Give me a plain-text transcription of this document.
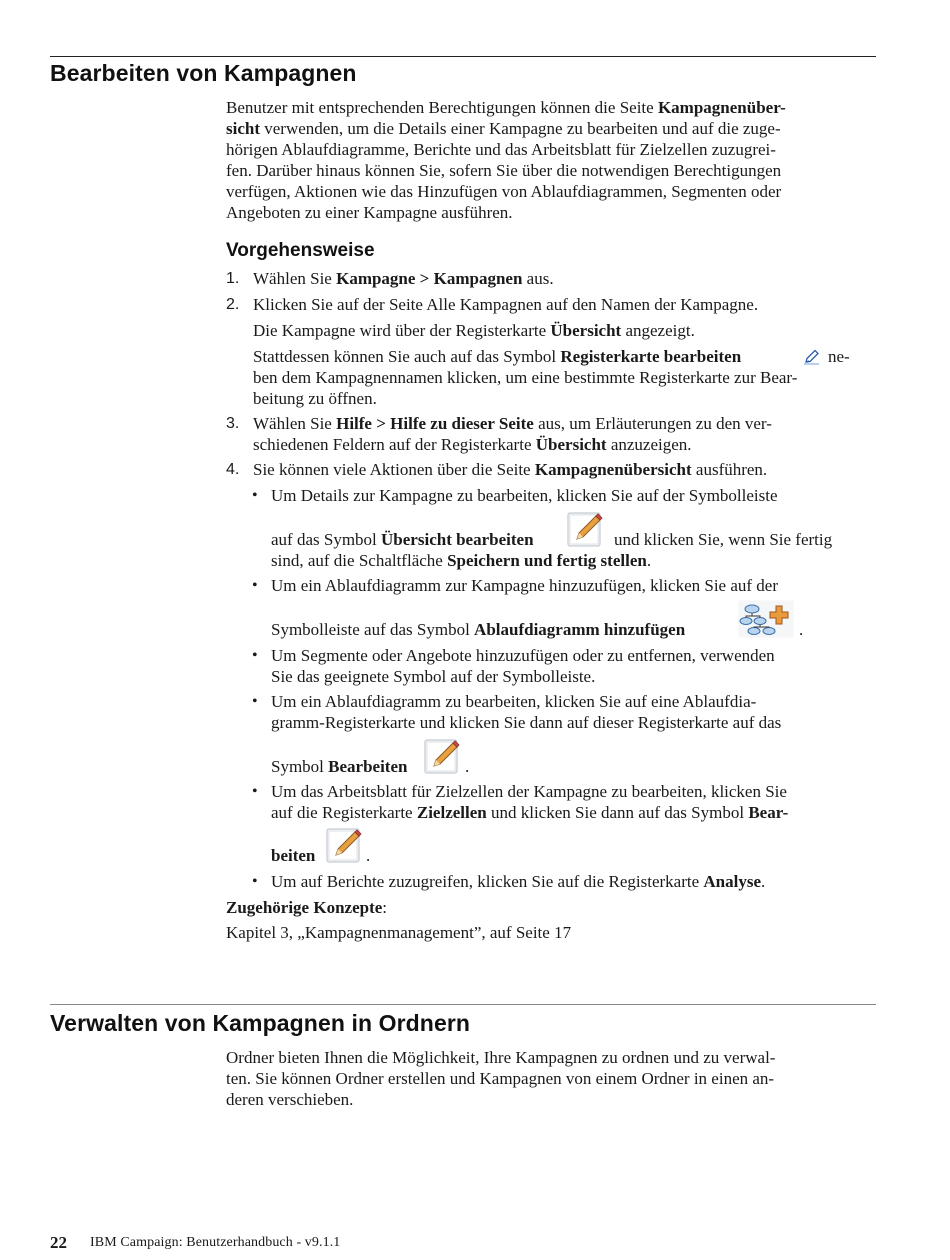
Bearbeiten von Kampagnen

Benutzer mit entsprechenden Berechtigungen können die Seite Kampagnenüber-

sicht verwenden, um die Details einer Kampagne zu bearbeiten und auf die zuge-

hörigen Ablaufdiagramme, Berichte und das Arbeitsblatt für Zielzellen zuzugrei-

fen. Darüber hinaus können Sie, sofern Sie über die notwendigen Berechtigungen

verfügen, Aktionen wie das Hinzufügen von Ablaufdiagrammen, Segmenten oder

Angeboten zu einer Kampagne ausführen.

Vorgehensweise

1. Wählen Sie Kampagne > Kampagnen aus.

2. Klicken Sie auf der Seite Alle Kampagnen auf den Namen der Kampagne.

Die Kampagne wird über der Registerkarte Übersicht angezeigt.

Stattdessen können Sie auch auf das Symbol Registerkarte bearbeiten	ne-

ben dem Kampagnennamen klicken, um eine bestimmte Registerkarte zur Bear-

beitung zu öffnen.

3. Wählen Sie Hilfe > Hilfe zu dieser Seite aus, um Erläuterungen zu den ver-

schiedenen Feldern auf der Registerkarte Übersicht anzuzeigen.

4. Sie können viele Aktionen über die Seite Kampagnenübersicht ausführen.

• Um Details zur Kampagne zu bearbeiten, klicken Sie auf der Symbolleiste

auf das Symbol Übersicht bearbeiten	und klicken Sie, wenn Sie fertig

sind, auf die Schaltfläche Speichern und fertig stellen.

• Um ein Ablaufdiagramm zur Kampagne hinzuzufügen, klicken Sie auf der

Symbolleiste auf das Symbol Ablaufdiagramm hinzufügen	.

• Um Segmente oder Angebote hinzuzufügen oder zu entfernen, verwenden

Sie das geeignete Symbol auf der Symbolleiste.

• Um ein Ablaufdiagramm zu bearbeiten, klicken Sie auf eine Ablaufdia-

gramm-Registerkarte und klicken Sie dann auf dieser Registerkarte auf das

Symbol Bearbeiten	.

• Um das Arbeitsblatt für Zielzellen der Kampagne zu bearbeiten, klicken Sie

auf die Registerkarte Zielzellen und klicken Sie dann auf das Symbol Bear-

beiten	.

• Um auf Berichte zuzugreifen, klicken Sie auf die Registerkarte Analyse.

Zugehörige Konzepte:

Kapitel 3, „Kampagnenmanagement”, auf Seite 17

Verwalten von Kampagnen in Ordnern

Ordner bieten Ihnen die Möglichkeit, Ihre Kampagnen zu ordnen und zu verwal-

ten. Sie können Ordner erstellen und Kampagnen von einem Ordner in einen an-

deren verschieben.

22 IBM Campaign: Benutzerhandbuch - v9.1.1
